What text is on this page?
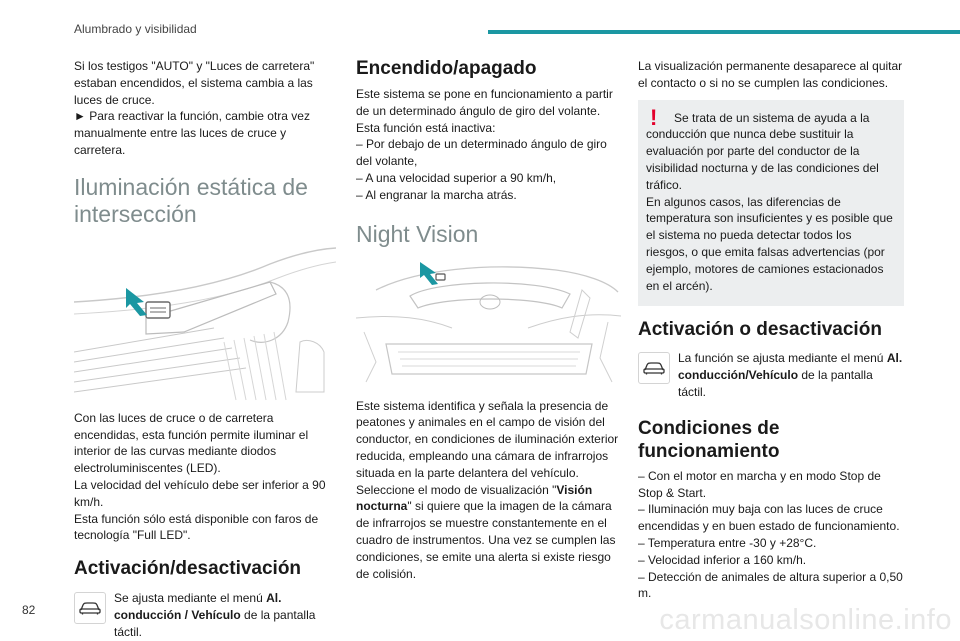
Alumbrado y visibilidad

Si los testigos "AUTO" y "Luces de carretera" estaban encendidos, el sistema cambia a las luces de cruce.

► Para reactivar la función, cambie otra vez manualmente entre las luces de cruce y carretera.

Iluminación estática de
intersección

Con las luces de cruce o de carretera encendidas, esta función permite iluminar el interior de las curvas mediante diodos electroluminiscentes (LED).

La velocidad del vehículo debe ser inferior a 90 km/h.

Esta función sólo está disponible con faros de tecnología "Full LED".

Activación/desactivación

Se ajusta mediante el menú Al. conducción / Vehículo de la pantalla táctil.

Encendido/apagado

Este sistema se pone en funcionamiento a partir de un determinado ángulo de giro del volante.

Esta función está inactiva:

– Por debajo de un determinado ángulo de giro del volante,

– A una velocidad superior a 90 km/h,

– Al engranar la marcha atrás.

Night Vision

Este sistema identifica y señala la presencia de peatones y animales en el campo de visión del conductor, en condiciones de iluminación exterior reducida, empleando una cámara de infrarrojos situada en la parte delantera del vehículo.

Seleccione el modo de visualización "Visión nocturna" si quiere que la imagen de la cámara de infrarrojos se muestre constantemente en el cuadro de instrumentos. Una vez se cumplen las condiciones, se emite una alerta si existe riesgo de colisión.

La visualización permanente desaparece al quitar el contacto o si no se cumplen las condiciones.

!	Se trata de un sistema de ayuda a la conducción que nunca debe sustituir la evaluación por parte del conductor de la visibilidad nocturna y de las condiciones del tráfico.

En algunos casos, las diferencias de temperatura son insuficientes y es posible que el sistema no pueda detectar todos los riesgos, o que emita falsas advertencias (por ejemplo, motores de camiones estacionados en el arcén).

Activación o desactivación

La función se ajusta mediante el menú Al. conducción/Vehículo de la pantalla táctil.

Condiciones de
funcionamiento

– Con el motor en marcha y en modo Stop de Stop & Start.

– Iluminación muy baja con las luces de cruce encendidas y en buen estado de funcionamiento.

– Temperatura entre -30 y +28°C.

– Velocidad inferior a 160 km/h.

– Detección de animales de altura superior a 0,50 m.

82	carmanualsonline.info
